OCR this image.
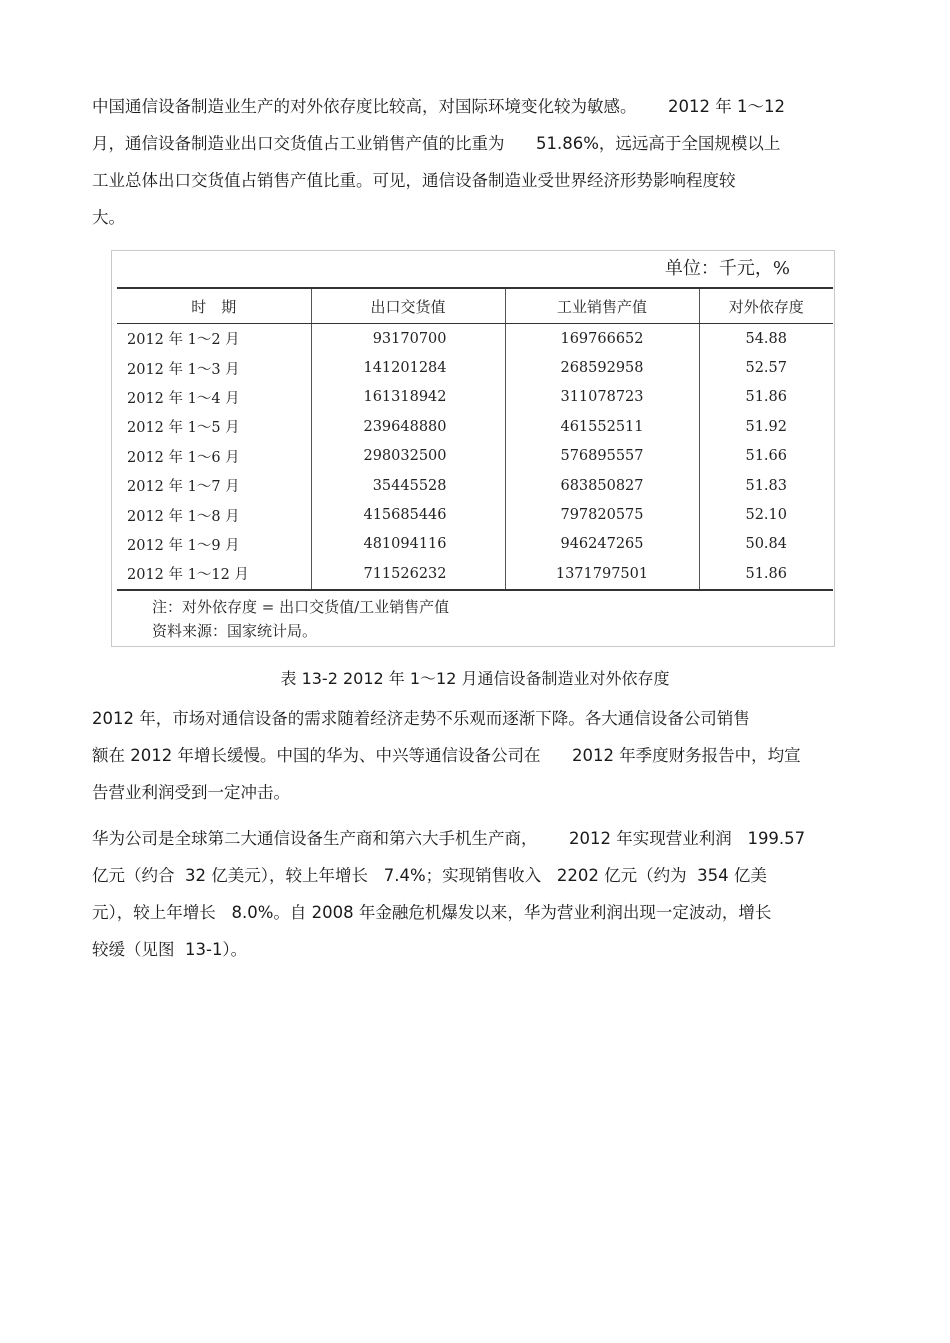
中国通信设备制造业生产的对外依存度比较高，对国际环境变化较为敏感。      2012 年 1～12
月，通信设备制造业出口交货值占工业销售产值的比重为      51.86%，远远高于全国规模以上
工业总体出口交货值占销售产值比重。可见，通信设备制造业受世界经济形势影响程度较
大。
单位：千元，%
时　期	出口交货值	工业销售产值	对外依存度
2012 年 1～2 月	93170700	169766652	54.88
2012 年 1～3 月	141201284	268592958	52.57
2012 年 1～4 月	161318942	311078723	51.86
2012 年 1～5 月	239648880	461552511	51.92
2012 年 1～6 月	298032500	576895557	51.66
2012 年 1～7 月	35445528	683850827	51.83
2012 年 1～8 月	415685446	797820575	52.10
2012 年 1～9 月	481094116	946247265	50.84
2012 年 1～12 月	711526232	1371797501	51.86
注：对外依存度 = 出口交货值/工业销售产值
资料来源：国家统计局。
表 13-2 2012 年 1～12 月通信设备制造业对外依存度
2012 年，市场对通信设备的需求随着经济走势不乐观而逐渐下降。各大通信设备公司销售
额在 2012 年增长缓慢。中国的华为、中兴等通信设备公司在      2012 年季度财务报告中，均宣
告营业利润受到一定冲击。
华为公司是全球第二大通信设备生产商和第六大手机生产商，      2012 年实现营业利润   199.57
亿元（约合  32 亿美元），较上年增长   7.4%；实现销售收入   2202 亿元（约为  354 亿美
元），较上年增长   8.0%。自 2008 年金融危机爆发以来，华为营业利润出现一定波动，增长
较缓（见图  13-1）。
